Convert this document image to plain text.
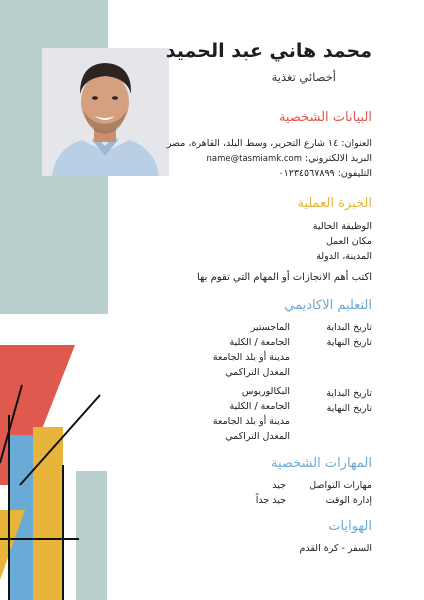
محمد هاني عبد الحميد
أخصائي تغذية
البيانات الشخصية
العنوان: ١٤ شارع التحرير، وسط البلد، القاهرة، مصر
البريد الالكتروني: name@tasmiamk.com
التليفون: ٠١٢٣٤٥٦٧٨٩٩
الخبرة العملية
الوظيفة الحالية
مكان العمل
المدينة، الدولة
اكتب أهم الانجازات أو المهام التي تقوم بها
التعليم الاكاديمي
تاريخ البداية
تاريخ النهاية
الماجستير
الجامعة / الكلية
مدينة أو بلد الجامعة
المعدل التراكمي
تاريخ البداية
تاريخ النهاية
البكالوريوس
الجامعة / الكلية
مدينة أو بلد الجامعة
المعدل التراكمي
المهارات الشخصية
مهارات التواصل
جيد
إدارة الوقت
جيد جداً
الهوايات
السفر - كرة القدم
